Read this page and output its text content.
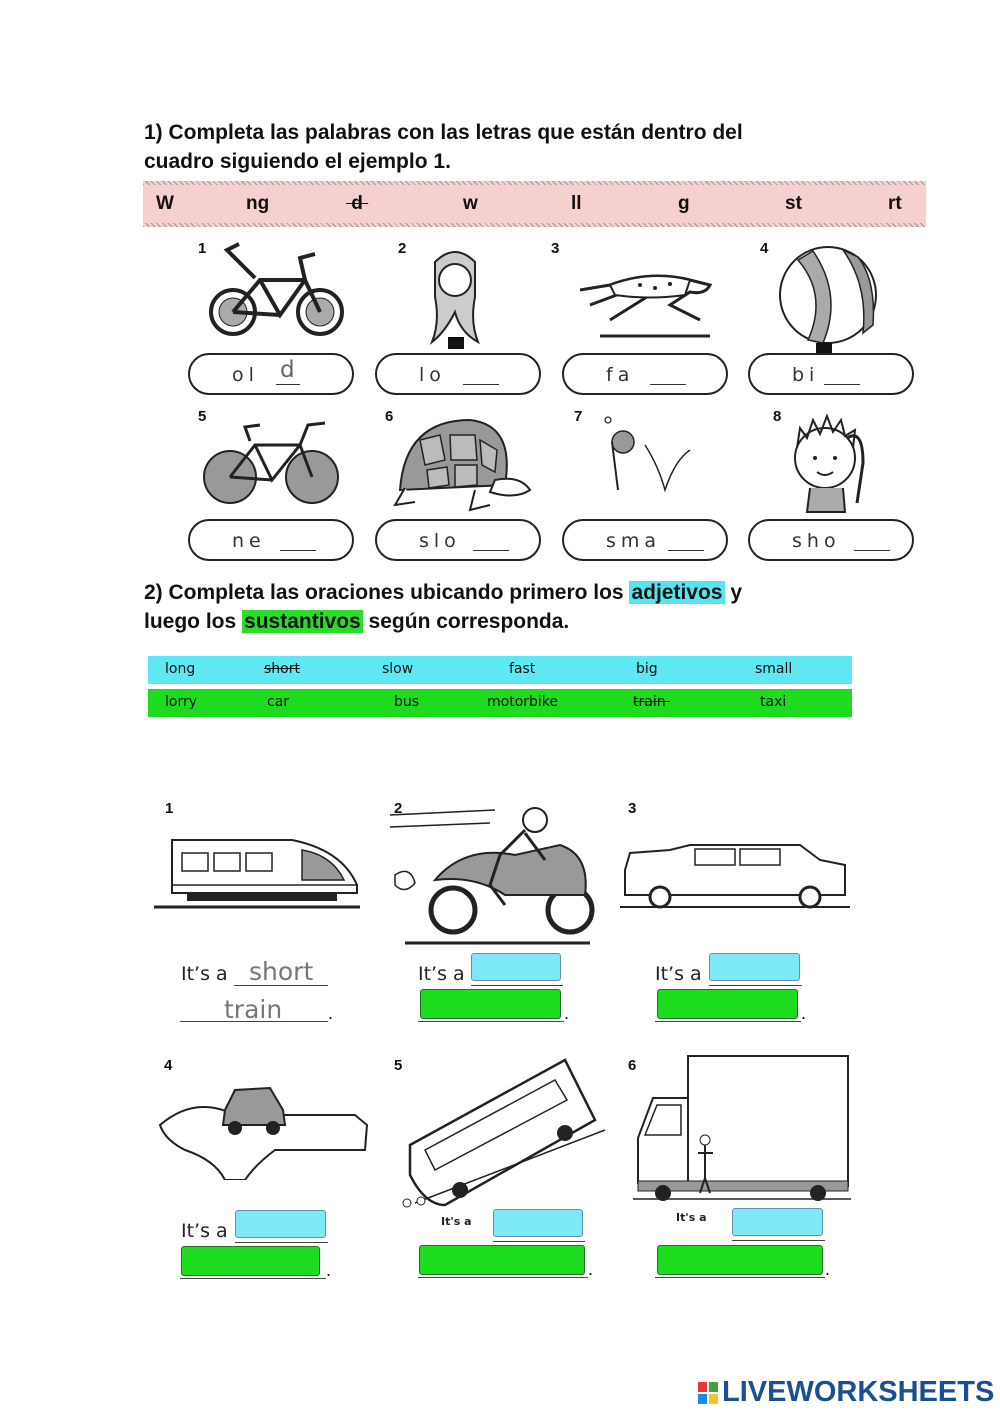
1) Completa las palabras con las letras que están dentro del
cuadro siguiendo el ejemplo 1.
W	ng	d	w	ll	g	st	rt
1
ol d
2
lo
3
fa
4
bi
5
ne
6
slo
7
sma
8
sho
2) Completa las oraciones ubicando primero los adjetivos y
luego los sustantivos según corresponda.
long	short	slow	fast	big	small
lorry	car	bus	motorbike	train	taxi
1
It’s a short
train	.
2
It’s a
.
3
It’s a
.
4
It’s a
.
5
It's a
.
6
It's a
.
LIVEWORKSHEETS
